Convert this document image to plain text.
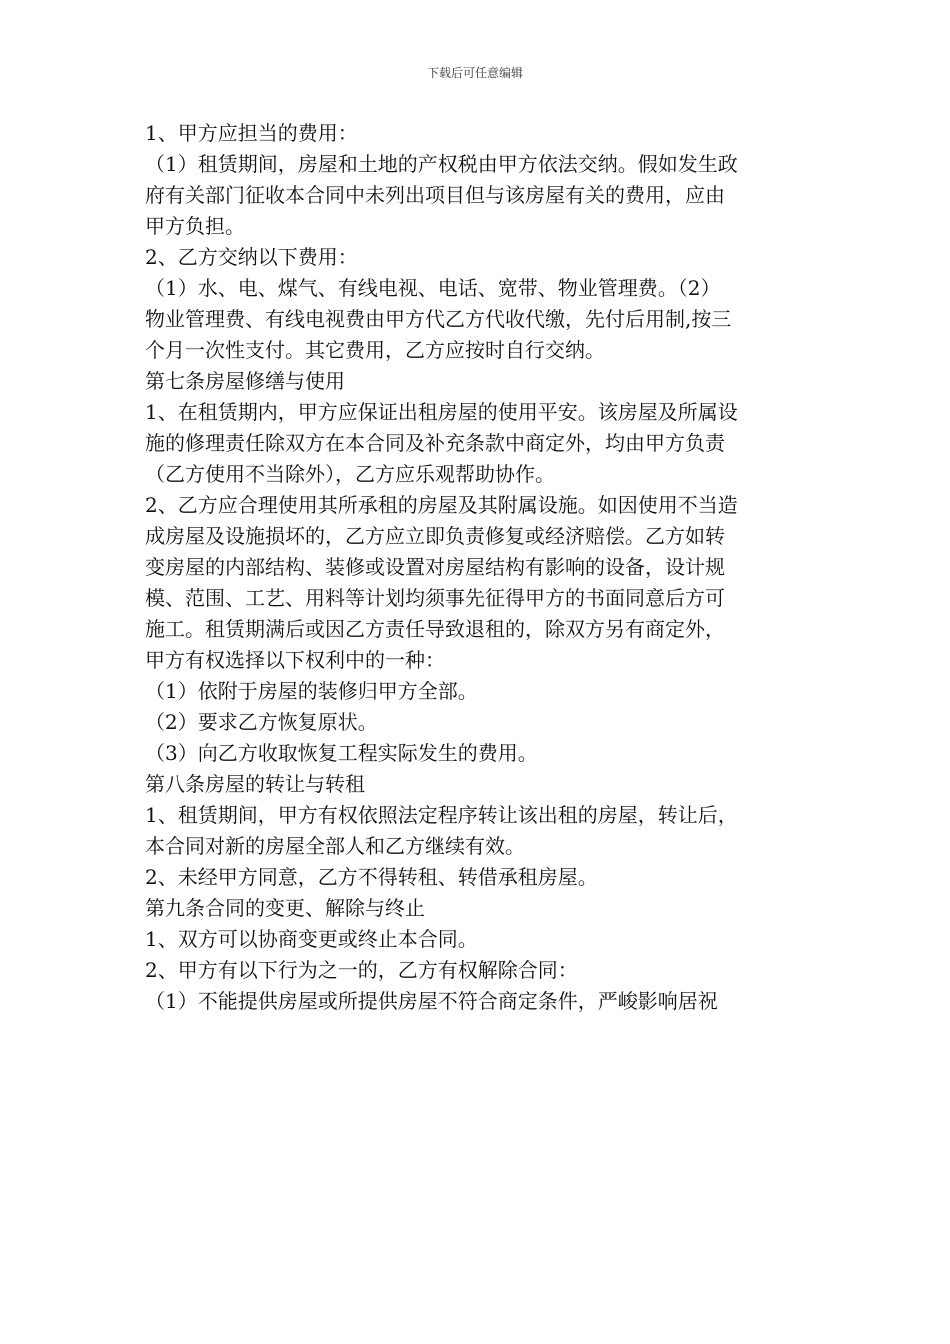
下载后可任意编辑
1、甲方应担当的费用：
（1）租赁期间，房屋和土地的产权税由甲方依法交纳。假如发生政
府有关部门征收本合同中未列出项目但与该房屋有关的费用，应由
甲方负担。
2、乙方交纳以下费用：
（1）水、电、煤气、有线电视、电话、宽带、物业管理费。（2）
物业管理费、有线电视费由甲方代乙方代收代缴，先付后用制,按三
个月一次性支付。其它费用，乙方应按时自行交纳。
第七条房屋修缮与使用
1、在租赁期内，甲方应保证出租房屋的使用平安。该房屋及所属设
施的修理责任除双方在本合同及补充条款中商定外，均由甲方负责
（乙方使用不当除外），乙方应乐观帮助协作。
2、乙方应合理使用其所承租的房屋及其附属设施。如因使用不当造
成房屋及设施损坏的，乙方应立即负责修复或经济赔偿。乙方如转
变房屋的内部结构、装修或设置对房屋结构有影响的设备，设计规
模、范围、工艺、用料等计划均须事先征得甲方的书面同意后方可
施工。租赁期满后或因乙方责任导致退租的，除双方另有商定外，
甲方有权选择以下权利中的一种：
（1）依附于房屋的装修归甲方全部。
（2）要求乙方恢复原状。
（3）向乙方收取恢复工程实际发生的费用。
第八条房屋的转让与转租
1、租赁期间，甲方有权依照法定程序转让该出租的房屋，转让后，
本合同对新的房屋全部人和乙方继续有效。
2、未经甲方同意，乙方不得转租、转借承租房屋。
第九条合同的变更、解除与终止
1、双方可以协商变更或终止本合同。
2、甲方有以下行为之一的，乙方有权解除合同：
（1）不能提供房屋或所提供房屋不符合商定条件，严峻影响居祝
